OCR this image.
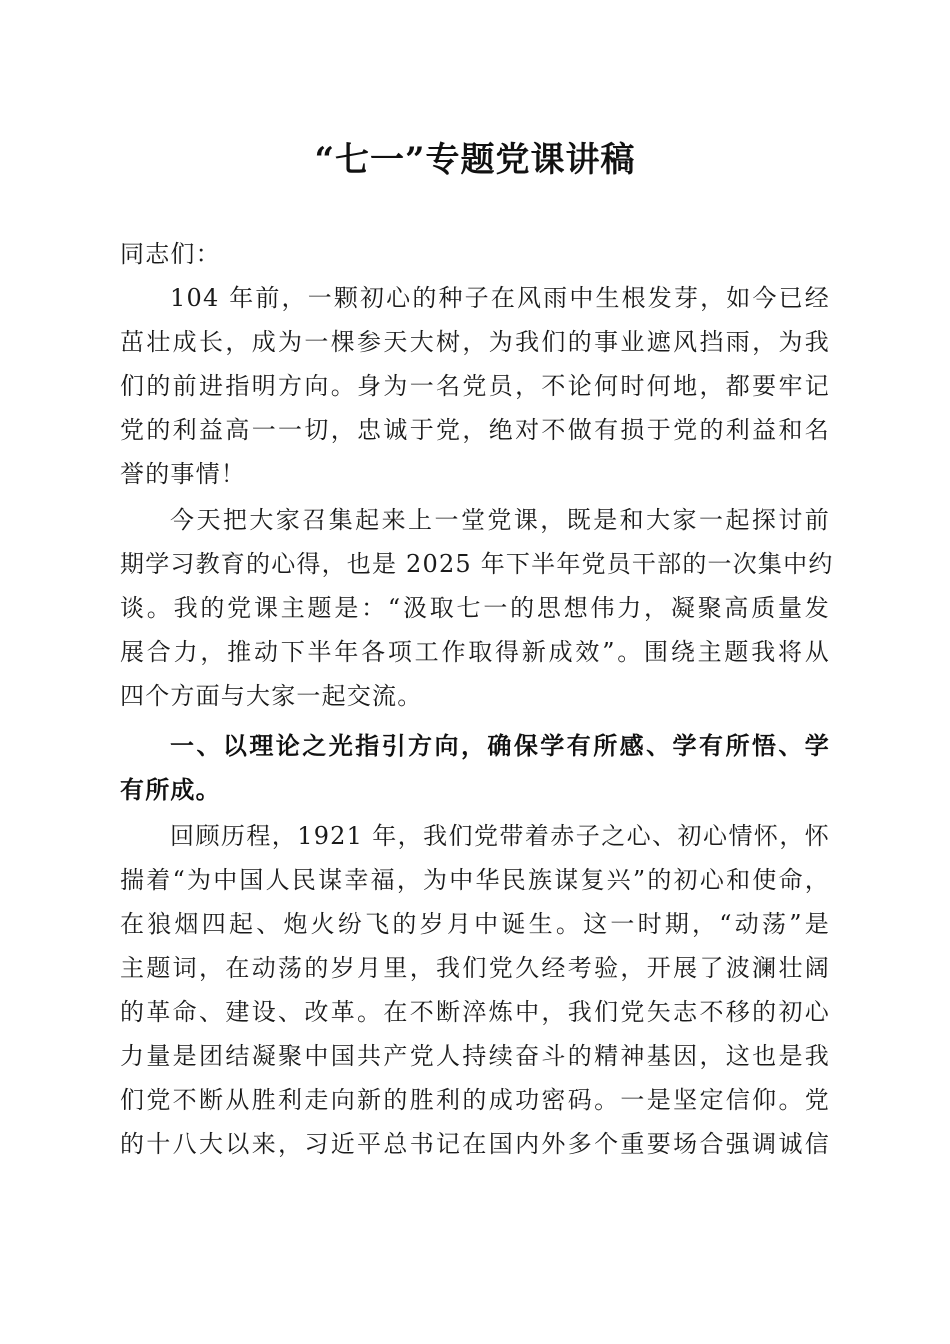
“七一”专题党课讲稿
同志们：
104 年前，一颗初心的种子在风雨中生根发芽，如今已经
茁壮成长，成为一棵参天大树，为我们的事业遮风挡雨，为我
们的前进指明方向。身为一名党员，不论何时何地，都要牢记
党的利益高一一切，忠诚于党，绝对不做有损于党的利益和名
誉的事情！
今天把大家召集起来上一堂党课，既是和大家一起探讨前
期学习教育的心得，也是 2025 年下半年党员干部的一次集中约
谈。我的党课主题是：“汲取七一的思想伟力，凝聚高质量发
展合力，推动下半年各项工作取得新成效”。围绕主题我将从
四个方面与大家一起交流。
一、以理论之光指引方向，确保学有所感、学有所悟、学
有所成。
回顾历程，1921 年，我们党带着赤子之心、初心情怀，怀
揣着“为中国人民谋幸福，为中华民族谋复兴”的初心和使命，
在狼烟四起、炮火纷飞的岁月中诞生。这一时期，“动荡”是
主题词，在动荡的岁月里，我们党久经考验，开展了波澜壮阔
的革命、建设、改革。在不断淬炼中，我们党矢志不移的初心
力量是团结凝聚中国共产党人持续奋斗的精神基因，这也是我
们党不断从胜利走向新的胜利的成功密码。一是坚定信仰。党
的十八大以来，习近平总书记在国内外多个重要场合强调诚信
